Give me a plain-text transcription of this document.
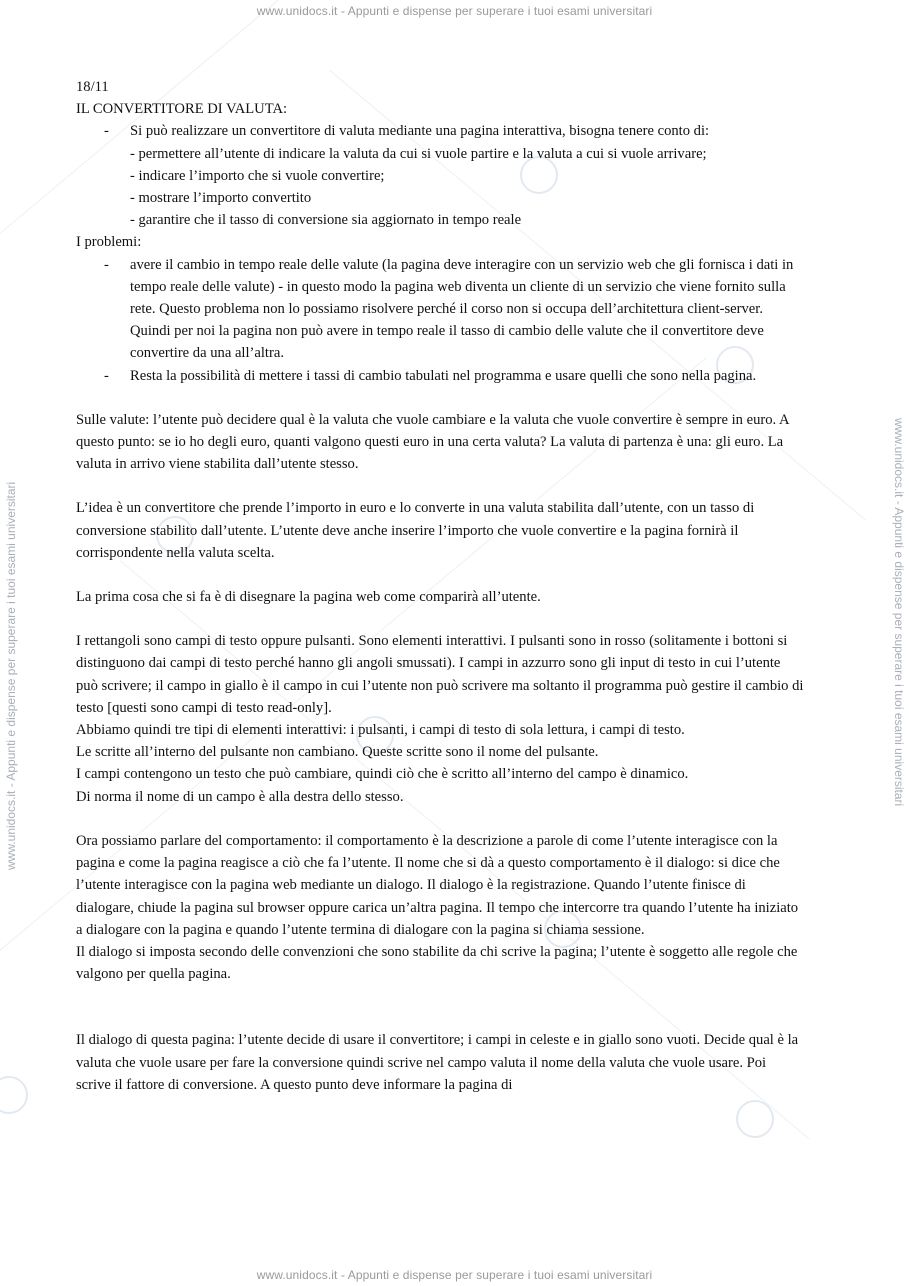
www.unidocs.it - Appunti e dispense per superare i tuoi esami universitari
www.unidocs.it - Appunti e dispense per superare i tuoi esami universitari
www.unidocs.it - Appunti e dispense per superare i tuoi esami universitari	www.unidocs.it - Appunti e dispense per superare i tuoi esami universitari

18/11

IL CONVERTITORE DI VALUTA:

-	Si può realizzare un convertitore di valuta mediante una pagina interattiva, bisogna tenere conto di:

- permettere all’utente di indicare la valuta da cui si vuole partire e la valuta a cui si vuole arrivare;

- indicare l’importo che si vuole convertire;

- mostrare l’importo convertito

- garantire che il tasso di conversione sia aggiornato in tempo reale

I problemi:

-	avere il cambio in tempo reale delle valute (la pagina deve interagire con un servizio web che gli fornisca i dati in tempo reale delle valute) - in questo modo la pagina web diventa un cliente di un servizio che viene fornito sulla rete. Questo problema non lo possiamo risolvere perché il corso non si occupa dell’architettura client-server. Quindi per noi la pagina non può avere in tempo reale il tasso di cambio delle valute che il convertitore deve convertire da una all’altra.
-	Resta la possibilità di mettere i tassi di cambio tabulati nel programma e usare quelli che sono nella pagina.

Sulle valute: l’utente può decidere qual è la valuta che vuole cambiare e la valuta che vuole convertire è sempre in euro. A questo punto: se io ho degli euro, quanti valgono questi euro in una certa valuta? La valuta di partenza è una: gli euro. La valuta in arrivo viene stabilita dall’utente stesso.

L’idea è un convertitore che prende l’importo in euro e lo converte in una valuta stabilita dall’utente, con un tasso di conversione stabilito dall’utente. L’utente deve anche inserire l’importo che vuole convertire e la pagina fornirà il corrispondente nella valuta scelta.

La prima cosa che si fa è di disegnare la pagina web come comparirà all’utente.

I rettangoli sono campi di testo oppure pulsanti. Sono elementi interattivi. I pulsanti sono in rosso (solitamente i bottoni si distinguono dai campi di testo perché hanno gli angoli smussati). I campi in azzurro sono gli input di testo in cui l’utente può scrivere; il campo in giallo è il campo in cui l’utente non può scrivere ma soltanto il programma può gestire il cambio di testo [questi sono campi di testo read-only].

Abbiamo quindi tre tipi di elementi interattivi: i pulsanti, i campi di testo di sola lettura, i campi di testo.

Le scritte all’interno del pulsante non cambiano. Queste scritte sono il nome del pulsante.

I campi contengono un testo che può cambiare, quindi ciò che è scritto all’interno del campo è dinamico.

Di norma il nome di un campo è alla destra dello stesso.

Ora possiamo parlare del comportamento: il comportamento è la descrizione a parole di come l’utente interagisce con la pagina e come la pagina reagisce a ciò che fa l’utente. Il nome che si dà a questo comportamento è il dialogo: si dice che l’utente interagisce con la pagina web mediante un dialogo. Il dialogo è la registrazione. Quando l’utente finisce di dialogare, chiude la pagina sul browser oppure carica un’altra pagina. Il tempo che intercorre tra quando l’utente ha iniziato a dialogare con la pagina e quando l’utente termina di dialogare con la pagina si chiama sessione.

Il dialogo si imposta secondo delle convenzioni che sono stabilite da chi scrive la pagina; l’utente è soggetto alle regole che valgono per quella pagina.

Il dialogo di questa pagina: l’utente decide di usare il convertitore; i campi in celeste e in giallo sono vuoti. Decide qual è la valuta che vuole usare per fare la conversione quindi scrive nel campo valuta il nome della valuta che vuole usare. Poi scrive il fattore di conversione. A questo punto deve informare la pagina di
